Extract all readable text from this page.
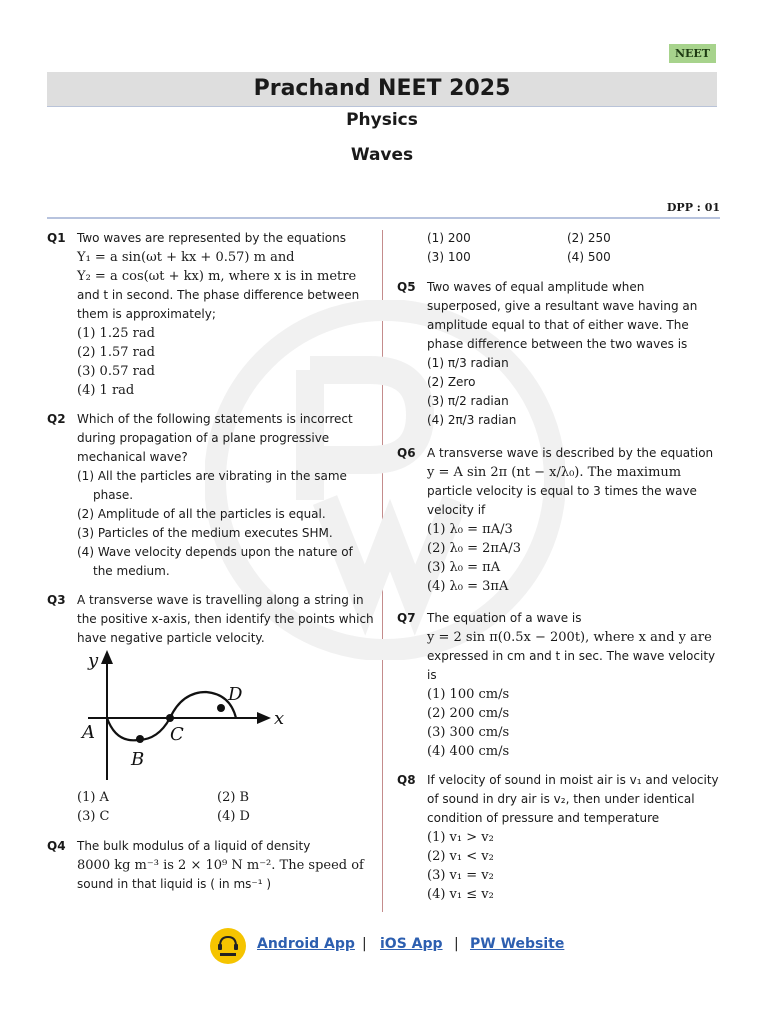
NEET
Prachand NEET 2025
Physics
Waves
DPP : 01
Q1 Two waves are represented by the equations
Y₁ = a sin(ωt + kx + 0.57) m and
Y₂ = a cos(ωt + kx) m, where x is in metre
and t in second. The phase difference between
them is approximately;
(1) 1.25 rad
(2) 1.57 rad
(3) 0.57 rad
(4) 1 rad
Q2 Which of the following statements is incorrect
during propagation of a plane progressive
mechanical wave?
(1) All the particles are vibrating in the same
phase.
(2) Amplitude of all the particles is equal.
(3) Particles of the medium executes SHM.
(4) Wave velocity depends upon the nature of
the medium.
Q3 A transverse wave is travelling along a string in
the positive x-axis, then identify the points which
have negative particle velocity.
y
x
A
B
C
D
(1) A	(2) B
(3) C	(4) D
Q4 The bulk modulus of a liquid of density
8000 kg m⁻³ is 2 × 10⁹ N m⁻². The speed of
sound in that liquid is ( in ms⁻¹ )
(1) 200	(2) 250
(3) 100	(4) 500
Q5 Two waves of equal amplitude when
superposed, give a resultant wave having an
amplitude equal to that of either wave. The
phase difference between the two waves is
(1) π/3 radian
(2) Zero
(3) π/2 radian
(4) 2π/3 radian
Q6 A transverse wave is described by the equation
y = A sin 2π (nt − x/λ₀). The maximum
particle velocity is equal to 3 times the wave
velocity if
(1) λ₀ = πA/3
(2) λ₀ = 2πA/3
(3) λ₀ = πA
(4) λ₀ = 3πA
Q7 The equation of a wave is
y = 2 sin π(0.5x − 200t), where x and y are
expressed in cm and t in sec. The wave velocity
is
(1) 100 cm/s
(2) 200 cm/s
(3) 300 cm/s
(4) 400 cm/s
Q8 If velocity of sound in moist air is v₁ and velocity
of sound in dry air is v₂, then under identical
condition of pressure and temperature
(1) v₁ > v₂
(2) v₁ < v₂
(3) v₁ = v₂
(4) v₁ ≤ v₂
Android App | iOS App | PW Website
